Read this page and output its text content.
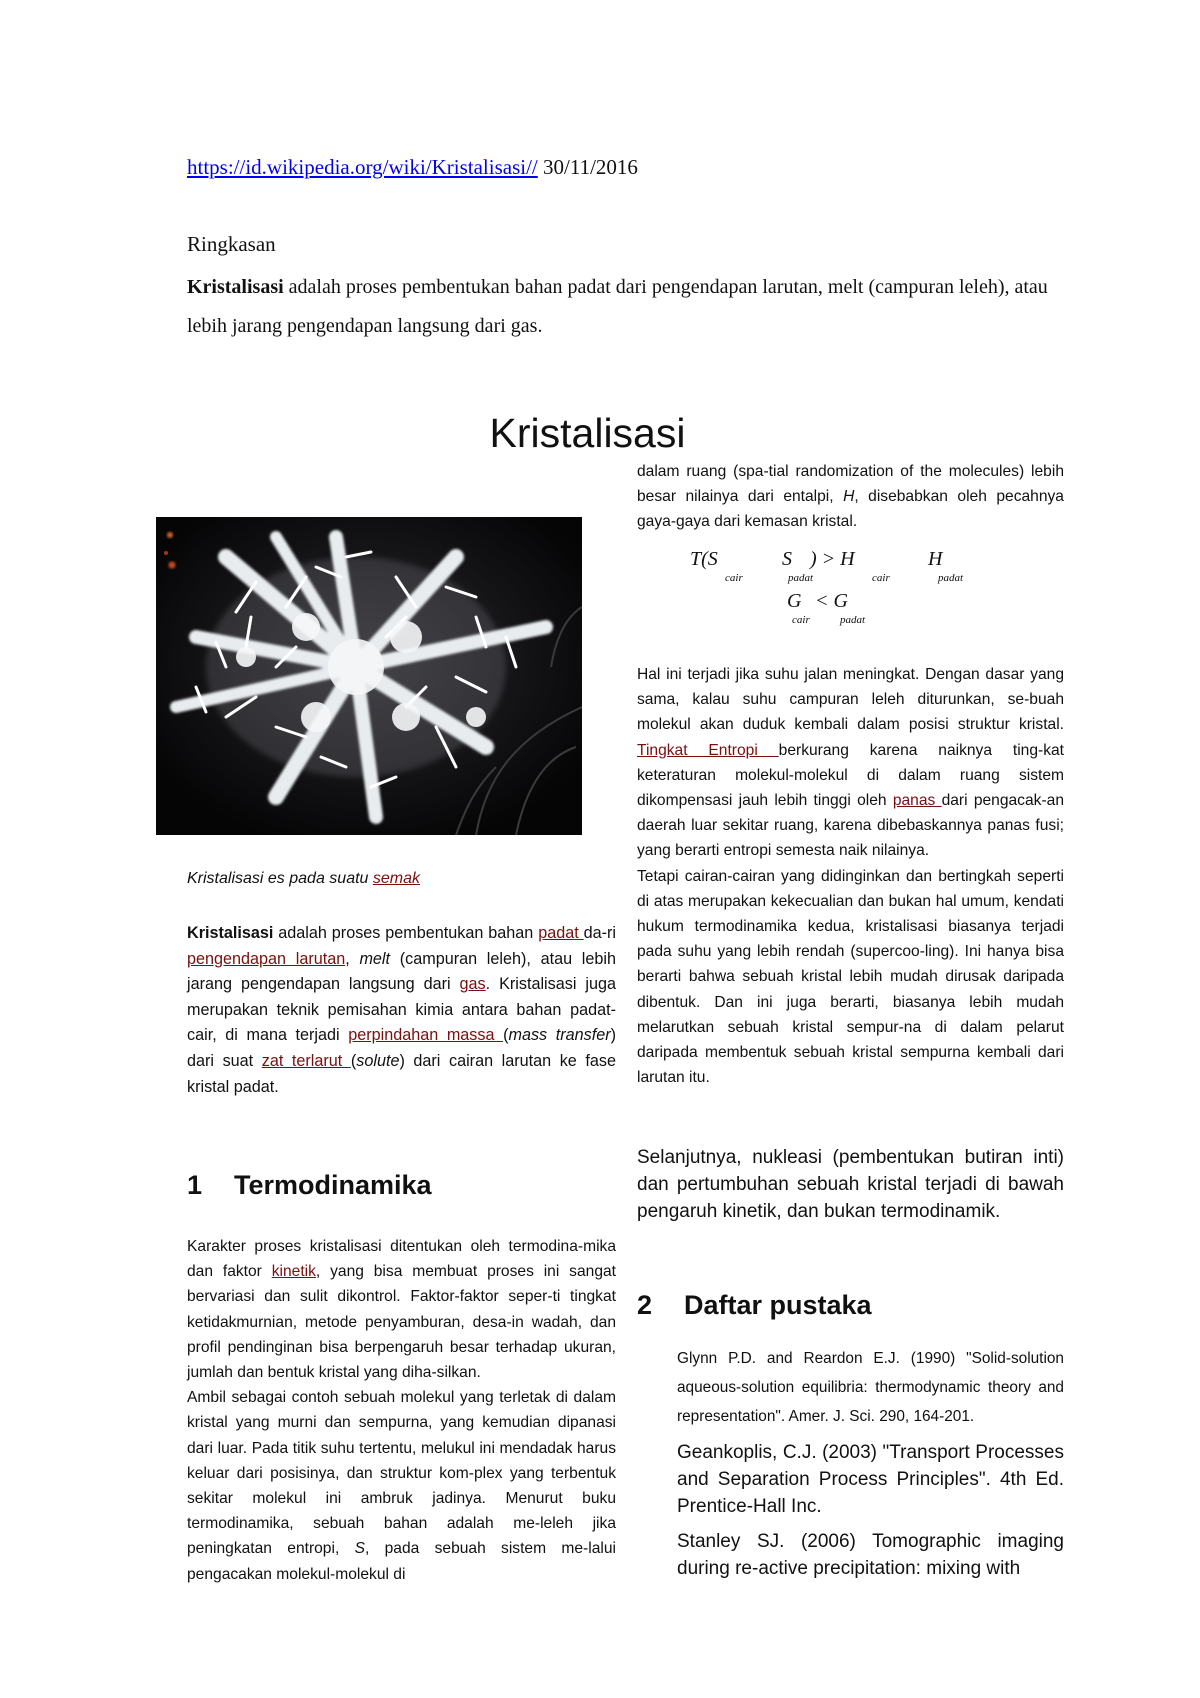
https://id.wikipedia.org/wiki/Kristalisasi// 30/11/2016
Ringkasan

Kristalisasi adalah proses pembentukan bahan padat dari pengendapan larutan, melt (campuran leleh), atau lebih jarang pengendapan langsung dari gas.

Kristalisasi
Kristalisasi es pada suatu semak

Kristalisasi adalah proses pembentukan bahan padat da-ri pengendapan larutan, melt (campuran leleh), atau lebih jarang pengendapan langsung dari gas. Kristalisasi juga merupakan teknik pemisahan kimia antara bahan padat-cair, di mana terjadi perpindahan massa (mass transfer) dari suat zat terlarut (solute) dari cairan larutan ke fase kristal padat.

1 Termodinamika

Karakter proses kristalisasi ditentukan oleh termodina-mika dan faktor kinetik, yang bisa membuat proses ini sangat bervariasi dan sulit dikontrol. Faktor-faktor seper-ti tingkat ketidakmurnian, metode penyamburan, desa-in wadah, dan profil pendinginan bisa berpengaruh besar terhadap ukuran, jumlah dan bentuk kristal yang diha-silkan.

Ambil sebagai contoh sebuah molekul yang terletak di dalam kristal yang murni dan sempurna, yang kemudian dipanasi dari luar. Pada titik suhu tertentu, melukul ini mendadak harus keluar dari posisinya, dan struktur kom-plex yang terbentuk sekitar molekul ini ambruk jadinya. Menurut buku termodinamika, sebuah bahan adalah me-leleh jika peningkatan entropi, S, pada sebuah sistem me-lalui pengacakan molekul-molekul di

dalam ruang (spa-tial randomization of the molecules) lebih besar nilainya dari entalpi, H, disebabkan oleh pecahnya gaya-gaya dari kemasan kristal.

T(S
cair
S
padat
) > H
cair
H
padat
G
cair
< G
padat

Hal ini terjadi jika suhu jalan meningkat. Dengan dasar yang sama, kalau suhu campuran leleh diturunkan, se-buah molekul akan duduk kembali dalam posisi struktur kristal. Tingkat Entropi berkurang karena naiknya ting-kat keteraturan molekul-molekul di dalam ruang sistem dikompensasi jauh lebih tinggi oleh panas dari pengacak-an daerah luar sekitar ruang, karena dibebaskannya panas fusi; yang berarti entropi semesta naik nilainya.

Tetapi cairan-cairan yang didinginkan dan bertingkah seperti di atas merupakan kekecualian dan bukan hal umum, kendati hukum termodinamika kedua, kristalisasi biasanya terjadi pada suhu yang lebih rendah (supercoo-ling). Ini hanya bisa berarti bahwa sebuah kristal lebih mudah dirusak daripada dibentuk. Dan ini juga berarti, biasanya lebih mudah melarutkan sebuah kristal sempur-na di dalam pelarut daripada membentuk sebuah kristal sempurna kembali dari larutan itu.

Selanjutnya, nukleasi (pembentukan butiran inti) dan pertumbuhan sebuah kristal terjadi di bawah pengaruh kinetik, dan bukan termodinamik.

2 Daftar pustaka

Glynn P.D. and Reardon E.J. (1990) "Solid-solution aqueous-solution equilibria: thermodynamic theory and representation". Amer. J. Sci. 290, 164-201.

Geankoplis, C.J. (2003) "Transport Processes and Separation Process Principles". 4th Ed. Prentice-Hall Inc.

Stanley SJ. (2006) Tomographic imaging during re-active precipitation: mixing with
